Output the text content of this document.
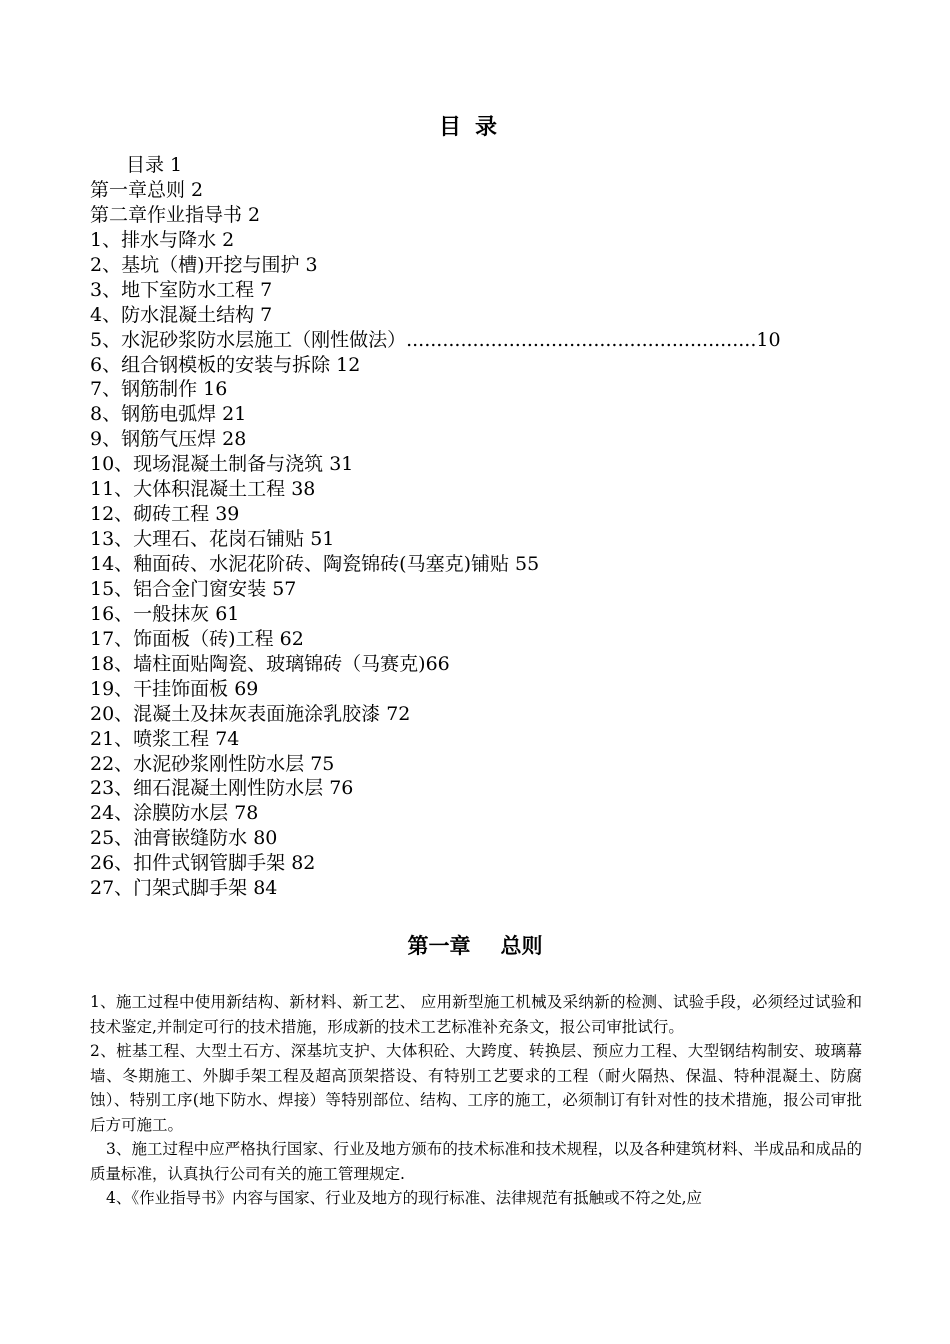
目录
目录 1
第一章总则 2
第二章作业指导书 2
1、排水与降水 2
2、基坑（槽)开挖与围护 3
3、地下室防水工程 7
4、防水混凝土结构 7
5、水泥砂浆防水层施工（刚性做法）..........................................................10
6、组合钢模板的安装与拆除 12
7、钢筋制作 16
8、钢筋电弧焊 21
9、钢筋气压焊 28
10、现场混凝土制备与浇筑 31
11、大体积混凝土工程 38
12、砌砖工程 39
13、大理石、花岗石铺贴 51
14、釉面砖、水泥花阶砖、陶瓷锦砖(马塞克)铺贴 55
15、铝合金门窗安装 57
16、一般抹灰 61
17、饰面板（砖)工程 62
18、墙柱面贴陶瓷、玻璃锦砖（马赛克)66
19、干挂饰面板 69
20、混凝土及抹灰表面施涂乳胶漆 72
21、喷浆工程 74
22、水泥砂浆刚性防水层 75
23、细石混凝土刚性防水层 76
24、涂膜防水层 78
25、油膏嵌缝防水 80
26、扣件式钢管脚手架 82
27、门架式脚手架 84
第一章 总则

1、施工过程中使用新结构、新材料、新工艺、 应用新型施工机械及采纳新的检测、试验手段，必须经过试验和技术鉴定,并制定可行的技术措施，形成新的技术工艺标准补充条文，报公司审批试行。

2、桩基工程、大型土石方、深基坑支护、大体积砼、大跨度、转换层、预应力工程、大型钢结构制安、玻璃幕墙、冬期施工、外脚手架工程及超高顶架搭设、有特别工艺要求的工程（耐火隔热、保温、特种混凝土、防腐蚀）、特别工序(地下防水、焊接）等特别部位、结构、工序的施工，必须制订有针对性的技术措施，报公司审批后方可施工。

3、施工过程中应严格执行国家、行业及地方颁布的技术标准和技术规程，以及各种建筑材料、半成品和成品的质量标准，认真执行公司有关的施工管理规定.

4、《作业指导书》内容与国家、行业及地方的现行标准、法律规范有抵触或不符之处,应
